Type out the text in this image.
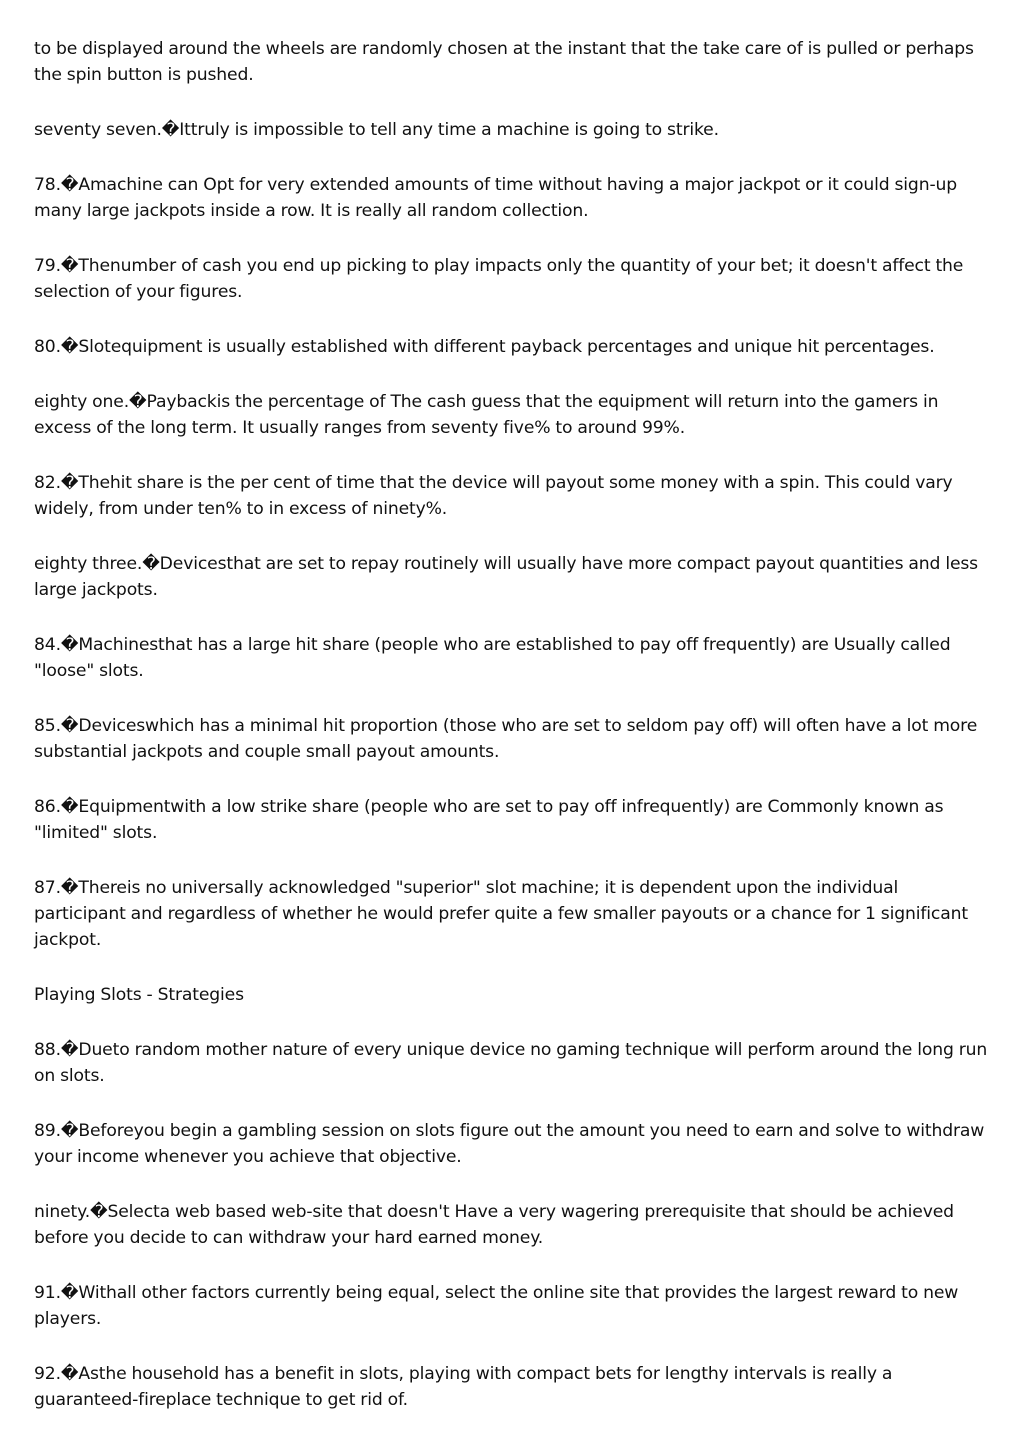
to be displayed around the wheels are randomly chosen at the instant that the take care of is pulled or perhaps the spin button is pushed.

seventy seven.�Ittruly is impossible to tell any time a machine is going to strike.

78.�Amachine can Opt for very extended amounts of time without having a major jackpot or it could sign-up many large jackpots inside a row. It is really all random collection.

79.�Thenumber of cash you end up picking to play impacts only the quantity of your bet; it doesn't affect the selection of your figures.

80.�Slotequipment is usually established with different payback percentages and unique hit percentages.

eighty one.�Paybackis the percentage of The cash guess that the equipment will return into the gamers in excess of the long term. It usually ranges from seventy five% to around 99%.

82.�Thehit share is the per cent of time that the device will payout some money with a spin. This could vary widely, from under ten% to in excess of ninety%.

eighty three.�Devicesthat are set to repay routinely will usually have more compact payout quantities and less large jackpots.

84.�Machinesthat has a large hit share (people who are established to pay off frequently) are Usually called "loose" slots.

85.�Deviceswhich has a minimal hit proportion (those who are set to seldom pay off) will often have a lot more substantial jackpots and couple small payout amounts.

86.�Equipmentwith a low strike share (people who are set to pay off infrequently) are Commonly known as "limited" slots.

87.�Thereis no universally acknowledged "superior" slot machine; it is dependent upon the individual participant and regardless of whether he would prefer quite a few smaller payouts or a chance for 1 significant jackpot.

Playing Slots - Strategies

88.�Dueto random mother nature of every unique device no gaming technique will perform around the long run on slots.

89.�Beforeyou begin a gambling session on slots figure out the amount you need to earn and solve to withdraw your income whenever you achieve that objective.

ninety.�Selecta web based web-site that doesn't Have a very wagering prerequisite that should be achieved before you decide to can withdraw your hard earned money.

91.�Withall other factors currently being equal, select the online site that provides the largest reward to new players.

92.�Asthe household has a benefit in slots, playing with compact bets for lengthy intervals is really a guaranteed-fireplace technique to get rid of.
